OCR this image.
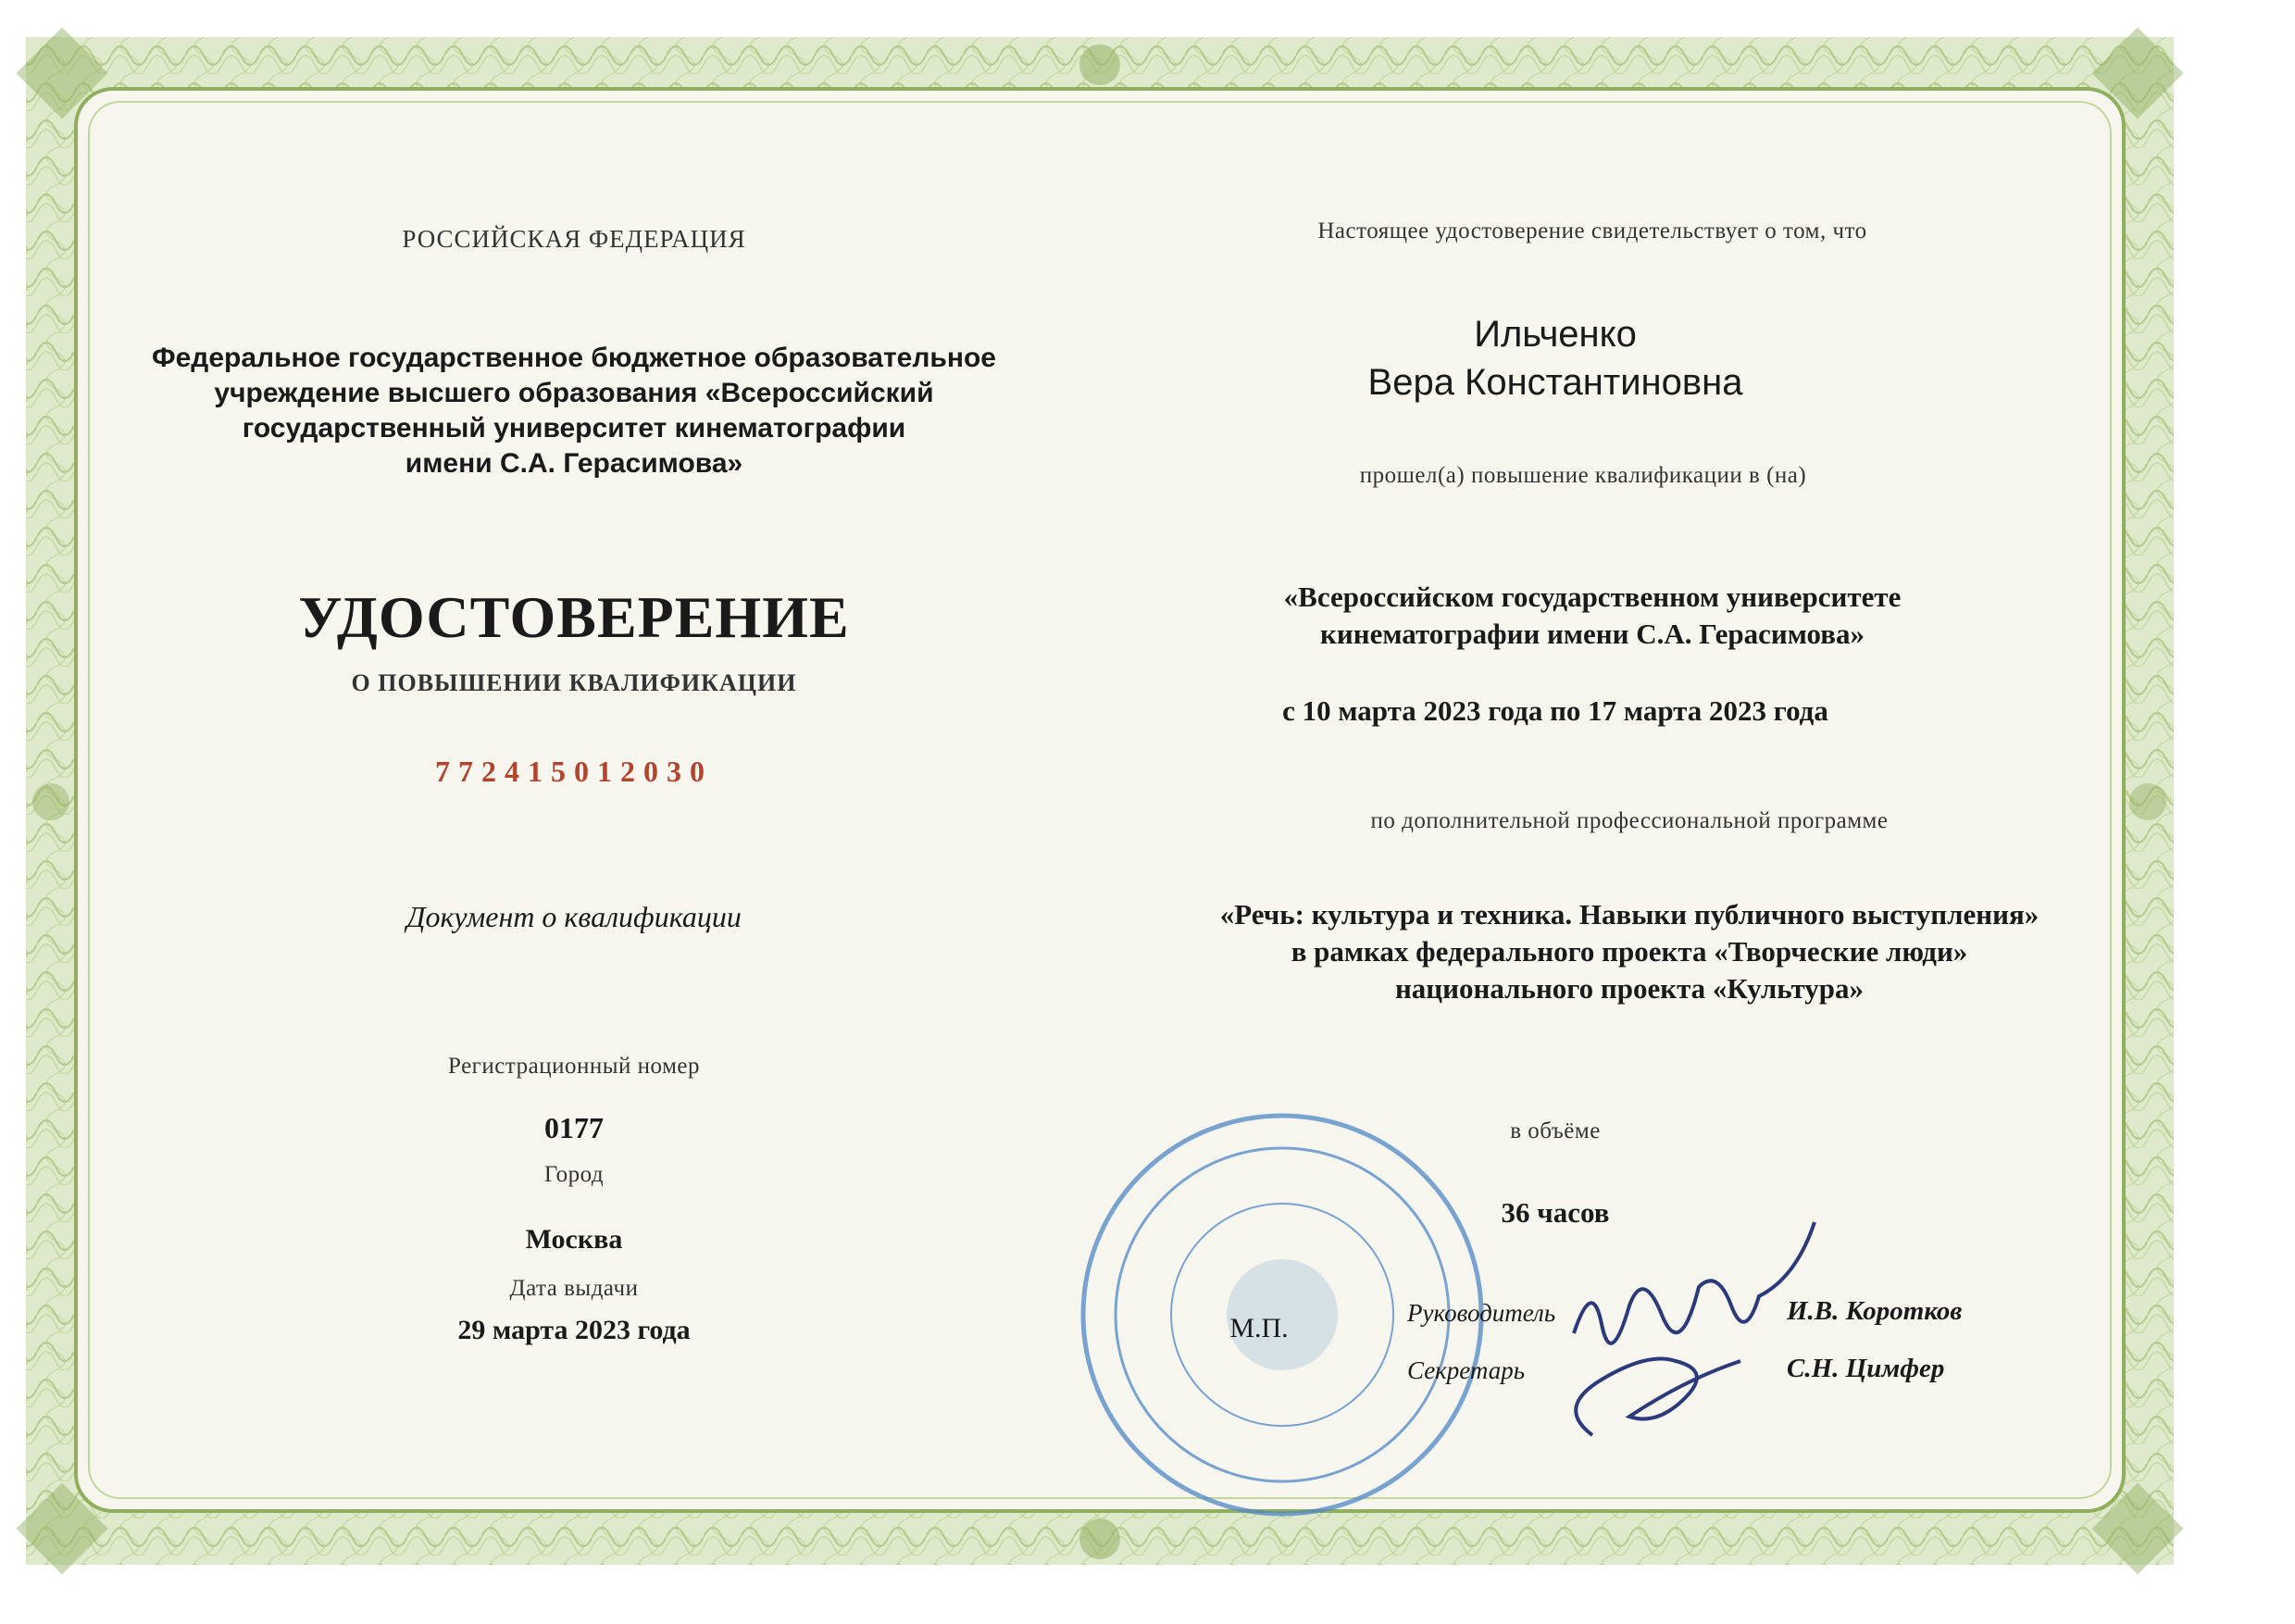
РОССИЙСКАЯ ФЕДЕРАЦИЯ
Федеральное государственное бюджетное образовательное
учреждение высшего образования «Всероссийский
государственный университет кинематографии
имени С.А. Герасимова»
УДОСТОВЕРЕНИЕ
О ПОВЫШЕНИИ КВАЛИФИКАЦИИ
772415012030
Документ о квалификации
Регистрационный номер
0177
Город
Москва
Дата выдачи
29 марта 2023 года
Настоящее удостоверение свидетельствует о том, что
Ильченко
Вера Константиновна
прошел(а) повышение квалификации в (на)
«Всероссийском государственном университете
кинематографии имени С.А. Герасимова»
с 10 марта 2023 года по 17 марта 2023 года
по дополнительной профессиональной программе
«Речь: культура и техника. Навыки публичного выступления»
в рамках федерального проекта «Творческие люди»
национального проекта «Культура»
в объёме
36 часов
М.П.	Руководитель	И.В. Коротков
Секретарь	С.Н. Цимфер
